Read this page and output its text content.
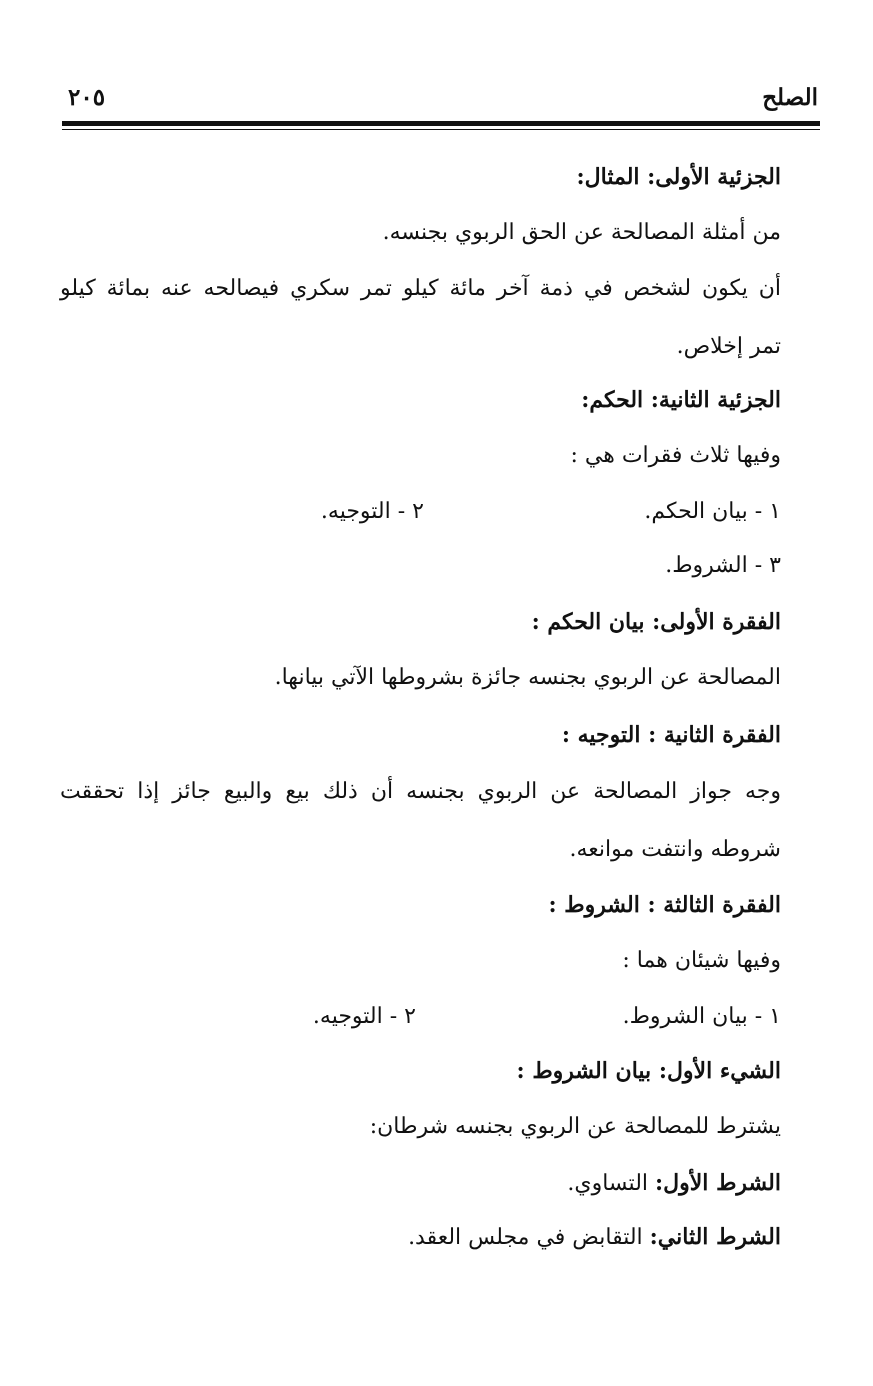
الصلح
٢٠٥
الجزئية الأولى: المثال:
من أمثلة المصالحة عن الحق الربوي بجنسه.
أن يكون لشخص في ذمة آخر مائة كيلو تمر سكري فيصالحه عنه بمائة كيلو
تمر إخلاص.
الجزئية الثانية: الحكم:
وفيها ثلاث فقرات هي :
١ - بيان الحكم.
٢ - التوجيه.
٣ - الشروط.
الفقرة الأولى: بيان الحكم :
المصالحة عن الربوي بجنسه جائزة بشروطها الآتي بيانها.
الفقرة الثانية : التوجيه :
وجه جواز المصالحة عن الربوي بجنسه أن ذلك بيع والبيع جائز إذا تحققت
شروطه وانتفت موانعه.
الفقرة الثالثة : الشروط :
وفيها شيئان هما :
١ - بيان الشروط.
٢ - التوجيه.
الشيء الأول: بيان الشروط :
يشترط للمصالحة عن الربوي بجنسه شرطان:
الشرط الأول: التساوي.
الشرط الثاني: التقابض في مجلس العقد.
